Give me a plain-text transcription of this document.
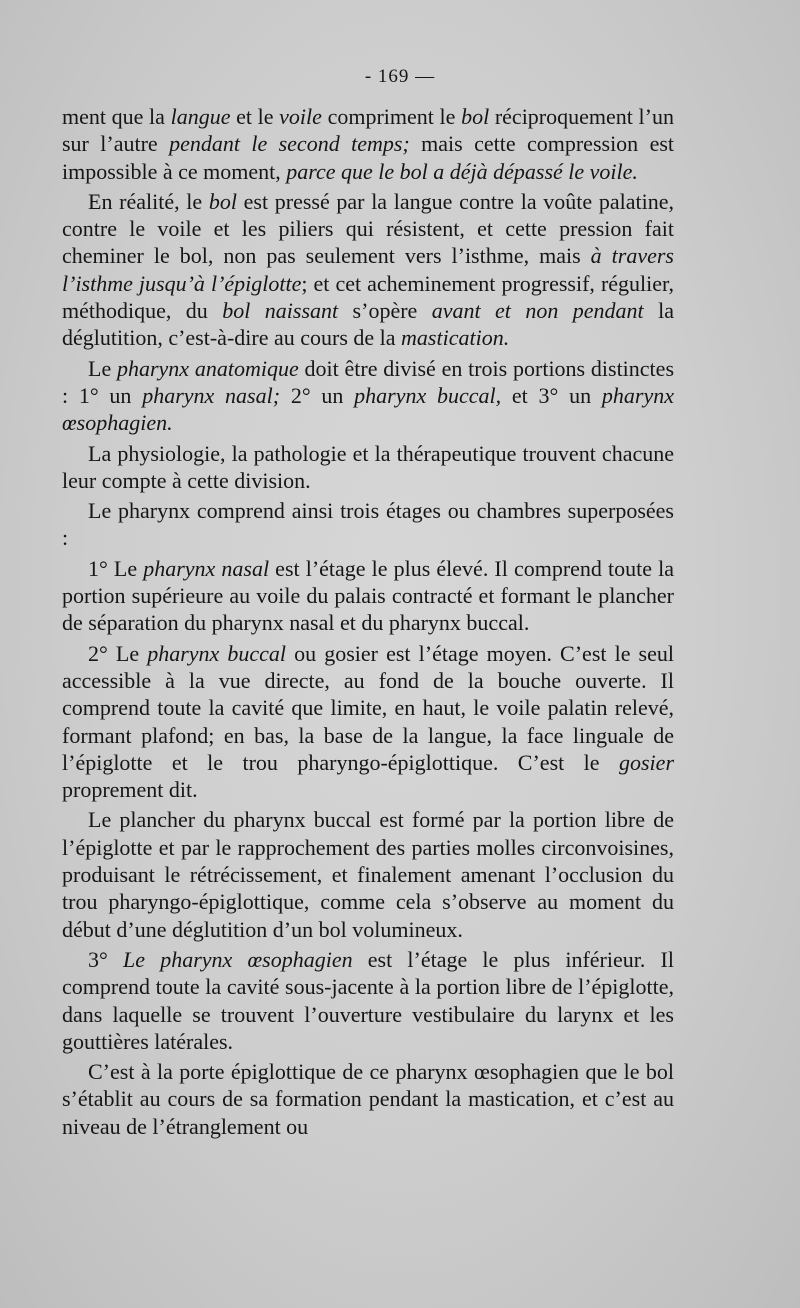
- 169 —

ment que la langue et le voile compriment le bol réciproquement l’un sur l’autre pendant le second temps; mais cette compression est impossible à ce moment, parce que le bol a déjà dépassé le voile.

En réalité, le bol est pressé par la langue contre la voûte palatine, contre le voile et les piliers qui résistent, et cette pression fait cheminer le bol, non pas seulement vers l’isthme, mais à travers l’isthme jusqu’à l’épiglotte; et cet acheminement progressif, régulier, méthodique, du bol naissant s’opère avant et non pendant la déglutition, c’est-à-dire au cours de la mastication.

Le pharynx anatomique doit être divisé en trois portions distinctes : 1° un pharynx nasal; 2° un pharynx buccal, et 3° un pharynx œsophagien.

La physiologie, la pathologie et la thérapeutique trouvent chacune leur compte à cette division.

Le pharynx comprend ainsi trois étages ou chambres superposées :

1° Le pharynx nasal est l’étage le plus élevé. Il comprend toute la portion supérieure au voile du palais contracté et formant le plancher de séparation du pharynx nasal et du pharynx buccal.

2° Le pharynx buccal ou gosier est l’étage moyen. C’est le seul accessible à la vue directe, au fond de la bouche ouverte. Il comprend toute la cavité que limite, en haut, le voile palatin relevé, formant plafond; en bas, la base de la langue, la face linguale de l’épiglotte et le trou pharyngo-épiglottique. C’est le gosier proprement dit.

Le plancher du pharynx buccal est formé par la portion libre de l’épiglotte et par le rapprochement des parties molles circonvoisines, produisant le rétrécissement, et finalement amenant l’occlusion du trou pharyngo-épiglottique, comme cela s’observe au moment du début d’une déglutition d’un bol volumineux.

3° Le pharynx œsophagien est l’étage le plus inférieur. Il comprend toute la cavité sous-jacente à la portion libre de l’épiglotte, dans laquelle se trouvent l’ouverture vestibulaire du larynx et les gouttières latérales.

C’est à la porte épiglottique de ce pharynx œsophagien que le bol s’établit au cours de sa formation pendant la mastication, et c’est au niveau de l’étranglement ou
